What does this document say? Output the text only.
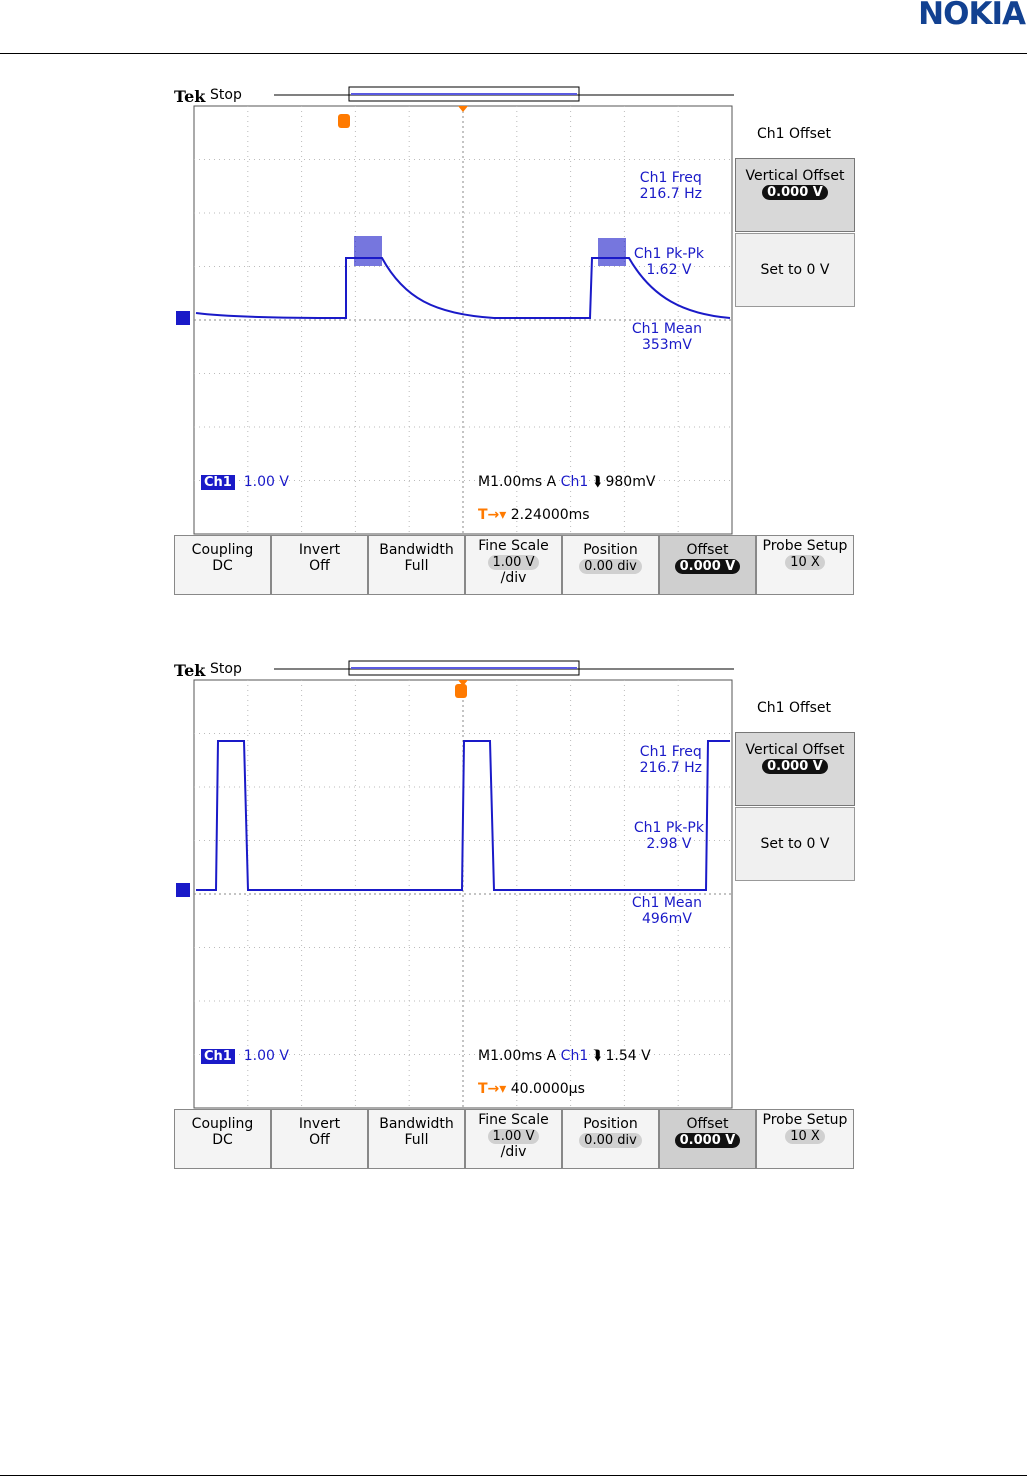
NOKIA
Tek Stop
Ch1 Freq
216.7 Hz
Ch1 Pk-Pk
1.62 V
Ch1 Mean
353mV
Ch1 1.00 V	M1.00ms A Ch1 ⮯ 980mV
T→▾ 2.24000ms
Ch1 Offset
Vertical Offset
0.000 V
Set to 0 V
Coupling
DC
Invert
Off
Bandwidth
Full
Fine Scale
1.00 V
/div
Position
0.00 div
Offset
0.000 V
Probe Setup
10 X
Tek Stop
Ch1 Freq
216.7 Hz
Ch1 Pk-Pk
2.98 V
Ch1 Mean
496mV
Ch1 1.00 V	M1.00ms A Ch1 ⮯ 1.54 V
T→▾ 40.0000µs
Ch1 Offset
Vertical Offset
0.000 V
Set to 0 V
Coupling
DC
Invert
Off
Bandwidth
Full
Fine Scale
1.00 V
/div
Position
0.00 div
Offset
0.000 V
Probe Setup
10 X
